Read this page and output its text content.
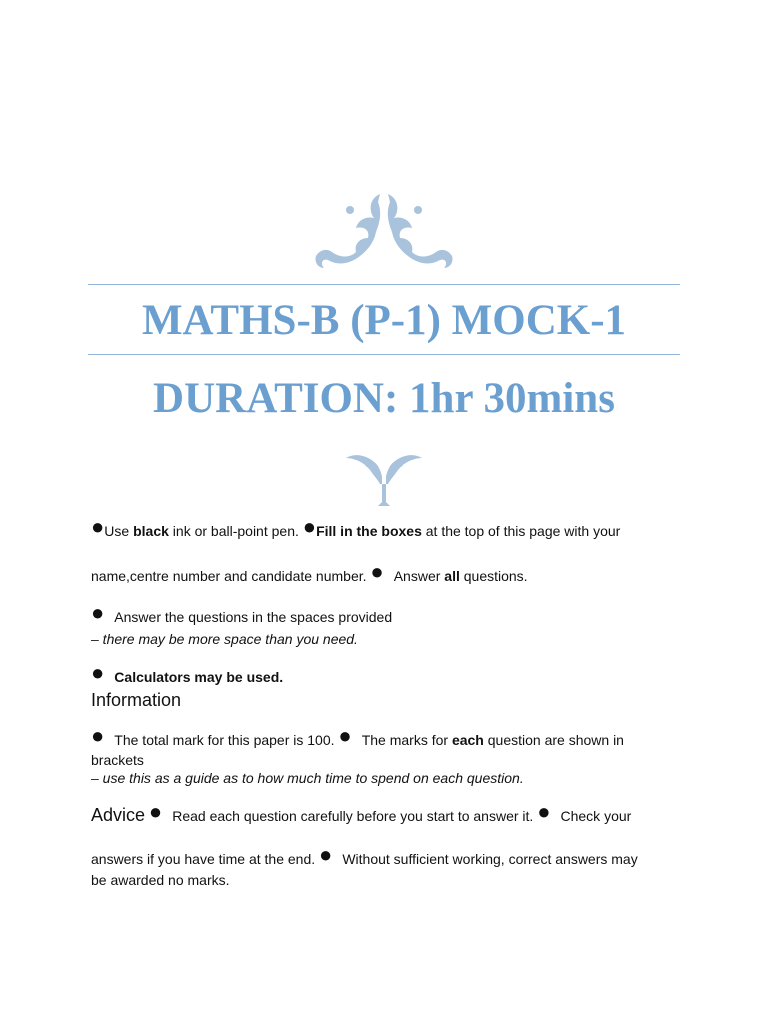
MATHS-B (P-1) MOCK-1
DURATION: 1hr 30mins
●Use black ink or ball-point pen. ●Fill in the boxes at the top of this page with your
name,centre number and candidate number. ● Answer all questions.
● Answer the questions in the spaces provided
– there may be more space than you need.
● Calculators may be used.
Information
● The total mark for this paper is 100. ● The marks for each question are shown in
brackets
– use this as a guide as to how much time to spend on each question.
Advice ● Read each question carefully before you start to answer it. ● Check your
answers if you have time at the end. ● Without sufficient working, correct answers may
be awarded no marks.
